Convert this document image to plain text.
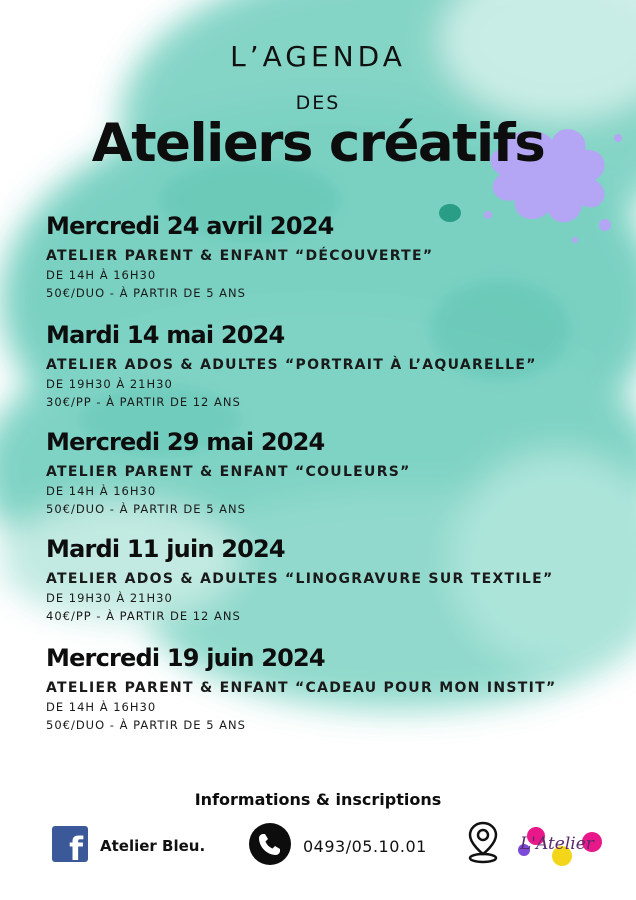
L’AGENDA
DES
Ateliers créatifs
Mercredi 24 avril 2024
ATELIER PARENT & ENFANT “DÉCOUVERTE”
DE 14H À 16H30
50€/DUO - À PARTIR DE 5 ANS
Mardi 14 mai 2024
ATELIER ADOS & ADULTES “PORTRAIT À L’AQUARELLE”
DE 19H30 À 21H30
30€/PP - À PARTIR DE 12 ANS
Mercredi 29 mai 2024
ATELIER PARENT & ENFANT “COULEURS”
DE 14H À 16H30
50€/DUO - À PARTIR DE 5 ANS
Mardi 11 juin 2024
ATELIER ADOS & ADULTES “LINOGRAVURE SUR TEXTILE”
DE 19H30 À 21H30
40€/PP - À PARTIR DE 12 ANS
Mercredi 19 juin 2024
ATELIER PARENT & ENFANT “CADEAU POUR MON INSTIT”
DE 14H À 16H30
50€/DUO - À PARTIR DE 5 ANS
Informations & inscriptions
f Atelier Bleu.	0493/05.10.01	L'Atelier
